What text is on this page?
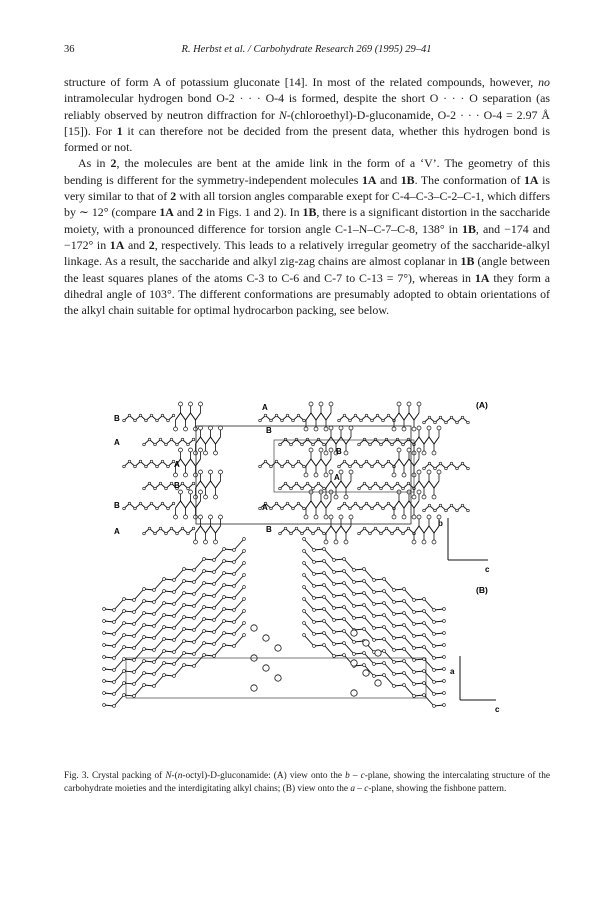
36	R. Herbst et al. / Carbohydrate Research 269 (1995) 29–41

structure of form A of potassium gluconate [14]. In most of the related compounds, however, no intramolecular hydrogen bond O-2 · · · O-4 is formed, despite the short O · · · O separation (as reliably observed by neutron diffraction for N-(chloroethyl)-D-gluconamide, O-2 · · · O-4 = 2.97 Å [15]). For 1 it can therefore not be decided from the present data, whether this hydrogen bond is formed or not.

As in 2, the molecules are bent at the amide link in the form of a ‘V’. The geometry of this bending is different for the symmetry-independent molecules 1A and 1B. The conformation of 1A is very similar to that of 2 with all torsion angles comparable exept for C-4–C-3–C-2–C-1, which differs by ∼ 12° (compare 1A and 2 in Figs. 1 and 2). In 1B, there is a significant distortion in the saccharide moiety, with a pronounced difference for torsion angle C-1–N–C-7–C-8, 138° in 1B, and −174 and −172° in 1A and 2, respectively. This leads to a relatively irregular geometry of the saccharide-alkyl linkage. As a result, the saccharide and alkyl zig-zag chains are almost coplanar in 1B (angle between the least squares planes of the atoms C-3 to C-6 and C-7 to C-13 = 7°), whereas in 1A they form a dihedral angle of 103°. The different conformations are presumably adopted to obtain orientations of the alkyl chain suitable for optimal hydrocarbon packing, see below.

(A)
(B)
B
A
A
B
B
A
A
B
B
A
A
B
b
c
a
c
Fig. 3. Crystal packing of N-(n-octyl)-D-gluconamide: (A) view onto the b – c-plane, showing the intercalating structure of the carbohydrate moieties and the interdigitating alkyl chains; (B) view onto the a – c-plane, showing the fishbone pattern.
